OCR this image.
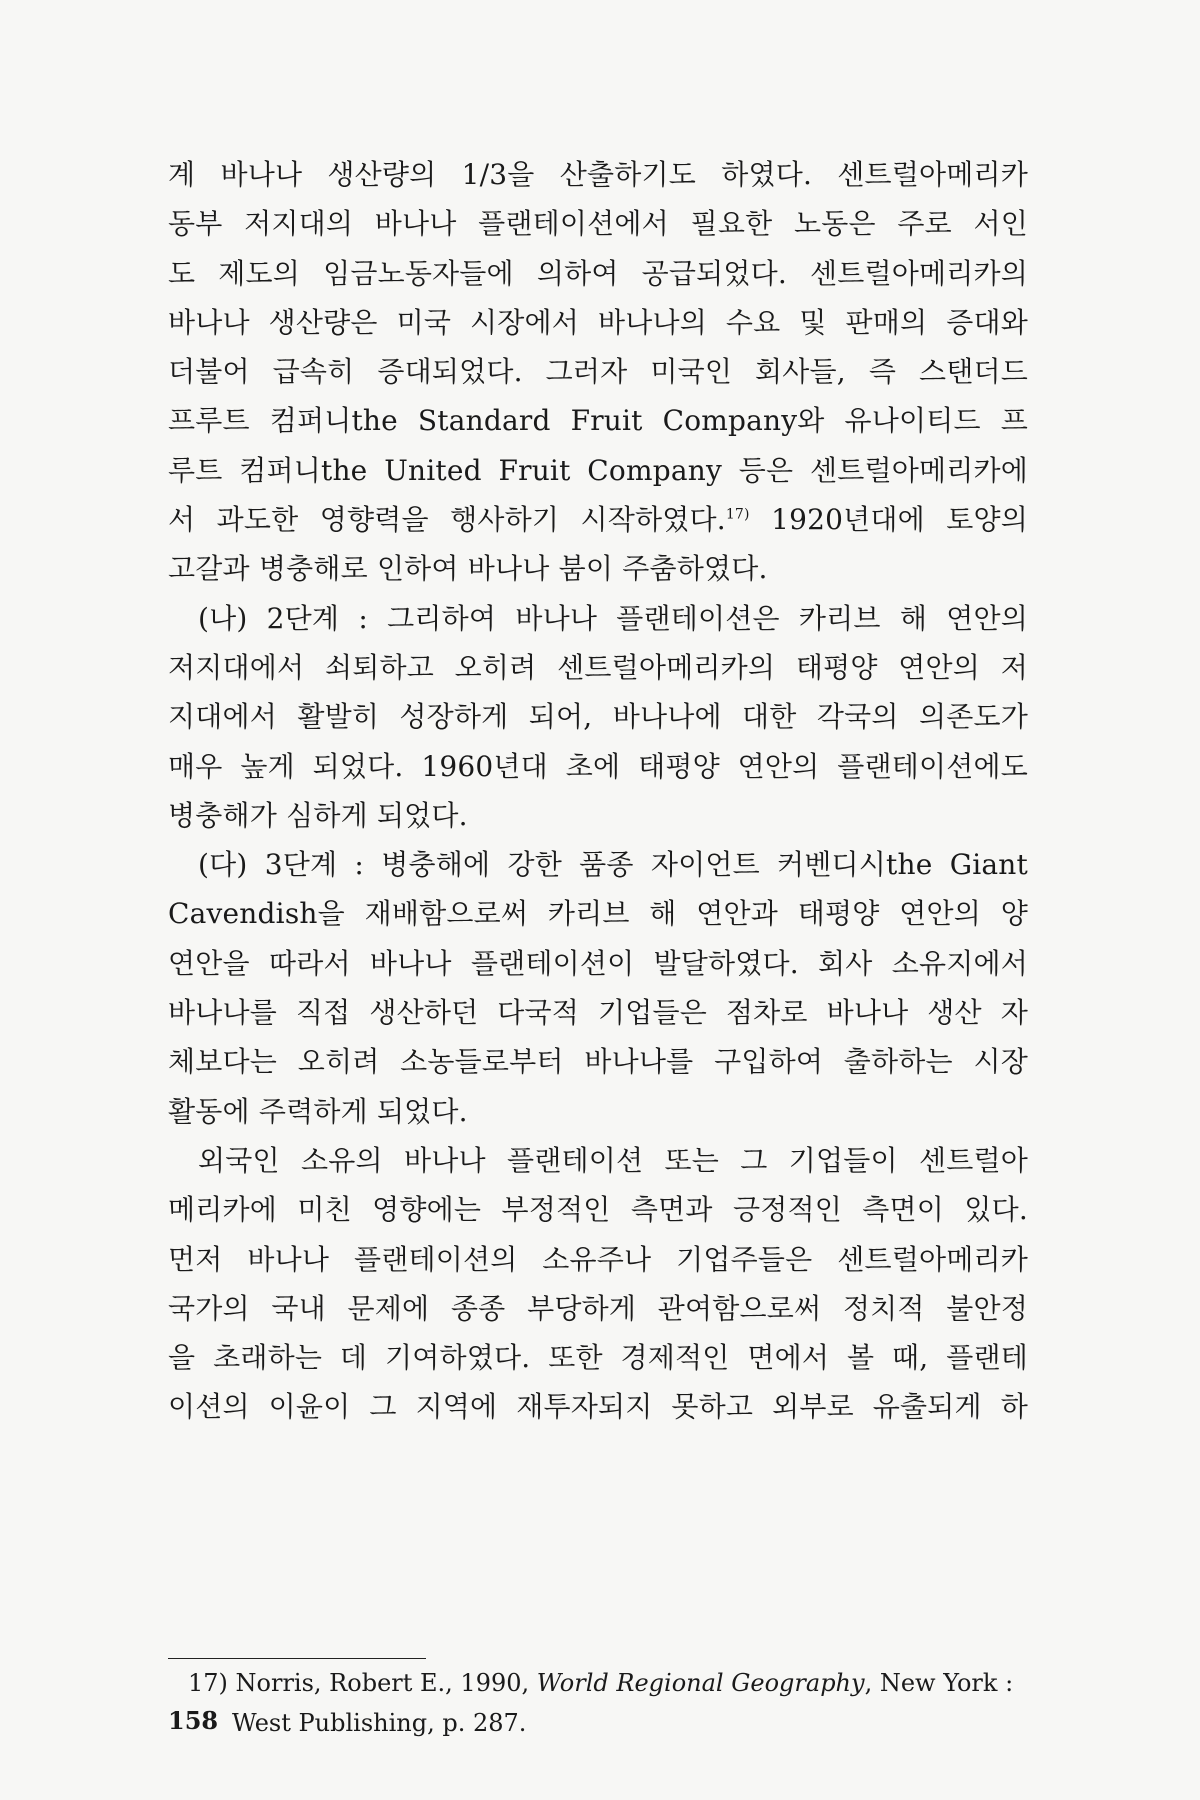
계 바나나 생산량의 1/3을 산출하기도 하였다. 센트럴아메리카
동부 저지대의 바나나 플랜테이션에서 필요한 노동은 주로 서인
도 제도의 임금노동자들에 의하여 공급되었다. 센트럴아메리카의
바나나 생산량은 미국 시장에서 바나나의 수요 및 판매의 증대와
더불어 급속히 증대되었다. 그러자 미국인 회사들, 즉 스탠더드
프루트 컴퍼니the Standard Fruit Company와 유나이티드 프
루트 컴퍼니the United Fruit Company 등은 센트럴아메리카에
서 과도한 영향력을 행사하기 시작하였다.$^{17)}$ 1920년대에 토양의
고갈과 병충해로 인하여 바나나 붐이 주춤하였다.
(나) 2단계 : 그리하여 바나나 플랜테이션은 카리브 해 연안의
저지대에서 쇠퇴하고 오히려 센트럴아메리카의 태평양 연안의 저
지대에서 활발히 성장하게 되어, 바나나에 대한 각국의 의존도가
매우 높게 되었다. 1960년대 초에 태평양 연안의 플랜테이션에도
병충해가 심하게 되었다.
(다) 3단계 : 병충해에 강한 품종 자이언트 커벤디시the Giant
Cavendish을 재배함으로써 카리브 해 연안과 태평양 연안의 양
연안을 따라서 바나나 플랜테이션이 발달하였다. 회사 소유지에서
바나나를 직접 생산하던 다국적 기업들은 점차로 바나나 생산 자
체보다는 오히려 소농들로부터 바나나를 구입하여 출하하는 시장
활동에 주력하게 되었다.
외국인 소유의 바나나 플랜테이션 또는 그 기업들이 센트럴아
메리카에 미친 영향에는 부정적인 측면과 긍정적인 측면이 있다.
먼저 바나나 플랜테이션의 소유주나 기업주들은 센트럴아메리카
국가의 국내 문제에 종종 부당하게 관여함으로써 정치적 불안정
을 초래하는 데 기여하였다. 또한 경제적인 면에서 볼 때, 플랜테
이션의 이윤이 그 지역에 재투자되지 못하고 외부로 유출되게 하
17) Norris, Robert E., 1990, World Regional Geography, New York :
West Publishing, p. 287.
158
